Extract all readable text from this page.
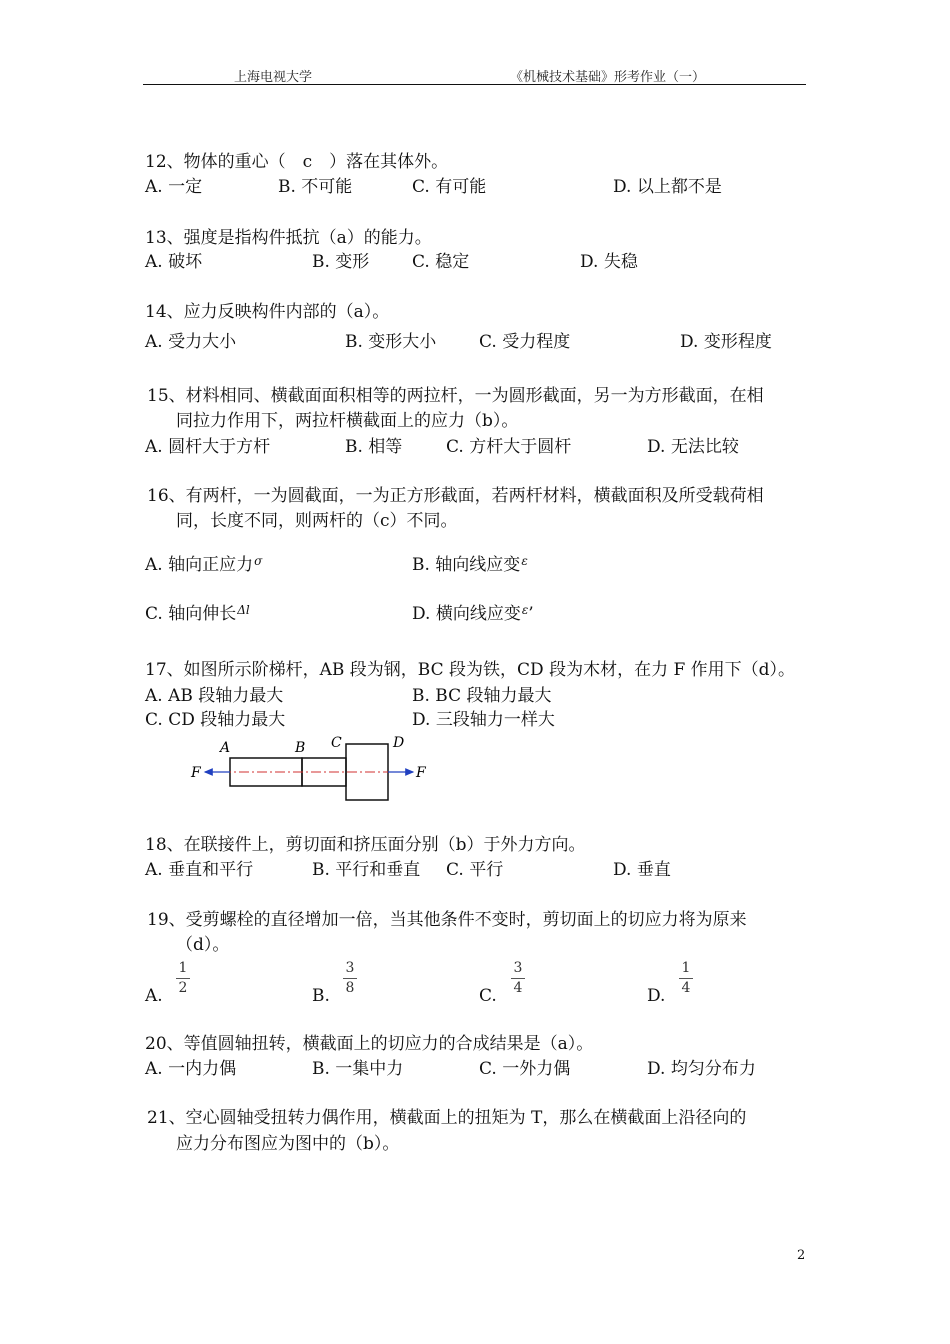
上海电视大学	《机械技术基础》形考作业（一）
12、物体的重心（　c　）落在其体外。
A. 一定	B. 不可能	C. 有可能	D. 以上都不是
13、强度是指构件抵抗（a）的能力。
A. 破坏	B. 变形	C. 稳定	D. 失稳
14、应力反映构件内部的（a）。
A. 受力大小	B. 变形大小	C. 受力程度	D. 变形程度
15、材料相同、横截面面积相等的两拉杆，一为圆形截面，另一为方形截面，在相
同拉力作用下，两拉杆横截面上的应力（b）。
A. 圆杆大于方杆	B. 相等	C. 方杆大于圆杆	D. 无法比较
16、有两杆，一为圆截面，一为正方形截面，若两杆材料，横截面积及所受载荷相
同，长度不同，则两杆的（c）不同。
A. 轴向正应力$^\sigma$	B. 轴向线应变$^\varepsilon$
C. 轴向伸长$^{\Delta l}$	D. 横向线应变$^\varepsilon$’
17、如图所示阶梯杆，AB 段为钢，BC 段为铁，CD 段为木材，在力 F 作用下（d）。
A. AB 段轴力最大	B. BC 段轴力最大
C. CD 段轴力最大	D. 三段轴力一样大
A	B C	D
F	F
18、在联接件上，剪切面和挤压面分别（b）于外力方向。
A. 垂直和平行	B. 平行和垂直 C. 平行	D. 垂直
19、受剪螺栓的直径增加一倍，当其他条件不变时，剪切面上的切应力将为原来
（d）。
A.
1
2	B.
3
8	C.
3
4	D.
1
4
20、等值圆轴扭转，横截面上的切应力的合成结果是（a）。
A. 一内力偶	B. 一集中力	C. 一外力偶	D. 均匀分布力
21、空心圆轴受扭转力偶作用，横截面上的扭矩为 T，那么在横截面上沿径向的
应力分布图应为图中的（b）。
2
